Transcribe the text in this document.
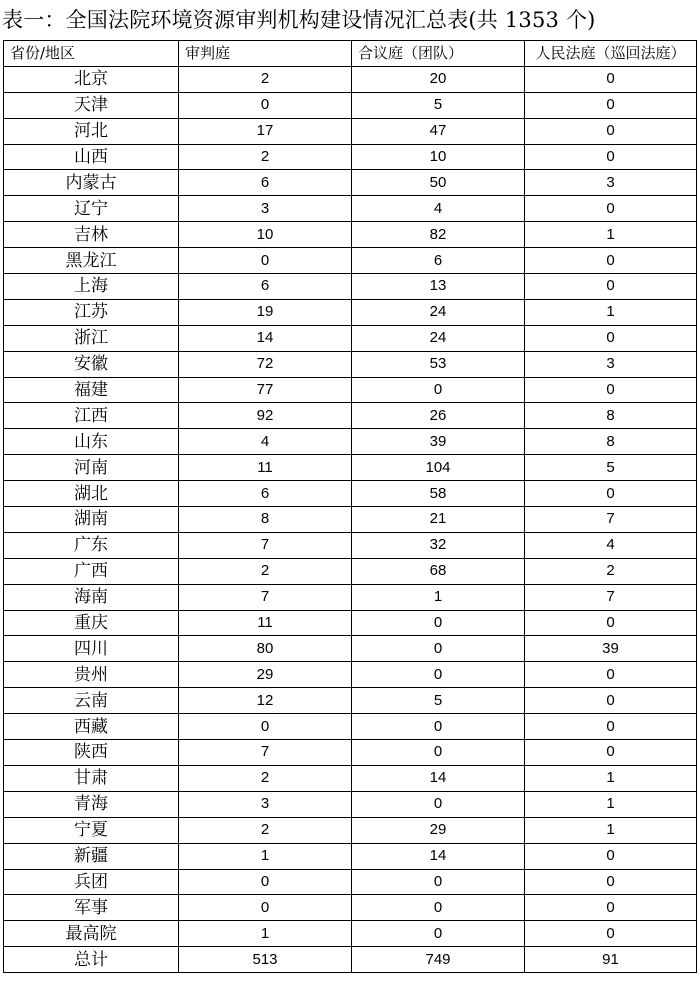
表一：全国法院环境资源审判机构建设情况汇总表(共 1353 个)
省份/地区	审判庭	合议庭（团队）	人民法庭（巡回法庭）
北京	2	20	0
天津	0	5	0
河北	17	47	0
山西	2	10	0
内蒙古	6	50	3
辽宁	3	4	0
吉林	10	82	1
黑龙江	0	6	0
上海	6	13	0
江苏	19	24	1
浙江	14	24	0
安徽	72	53	3
福建	77	0	0
江西	92	26	8
山东	4	39	8
河南	11	104	5
湖北	6	58	0
湖南	8	21	7
广东	7	32	4
广西	2	68	2
海南	7	1	7
重庆	11	0	0
四川	80	0	39
贵州	29	0	0
云南	12	5	0
西藏	0	0	0
陕西	7	0	0
甘肃	2	14	1
青海	3	0	1
宁夏	2	29	1
新疆	1	14	0
兵团	0	0	0
军事	0	0	0
最高院	1	0	0
总计	513	749	91
